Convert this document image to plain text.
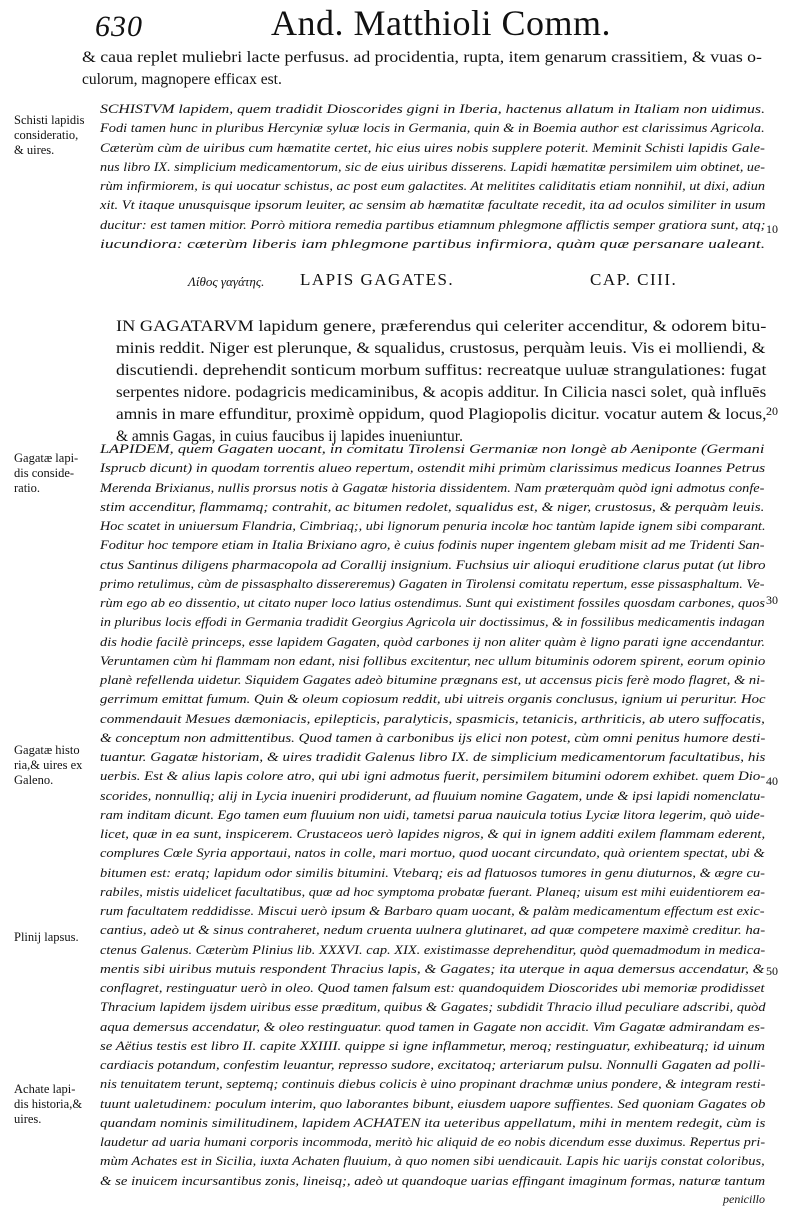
630	And. Matthioli Comm.
& caua replet muliebri lacte perfusus. ad procidentia, rupta, item genarum crassitiem, & vuas o-
culorum, magnopere efficax est.
Schisti lapidis
consideratio,
& uires.
SCHISTVM lapidem, quem tradidit Dioscorides gigni in Iberia, hactenus allatum in Italiam non uidimus.
Fodi tamen hunc in pluribus Hercyniæ syluæ locis in Germania, quin & in Boemia author est clarissimus Agricola.
Cæterùm cùm de uiribus cum hæmatite certet, hic eius uires nobis supplere poterit. Meminit Schisti lapidis Gale-
nus libro IX. simplicium medicamentorum, sic de eius uiribus disserens. Lapidi hæmatitæ persimilem uim obtinet, ue-
rùm infirmiorem, is qui uocatur schistus, ac post eum galactites. At melitites caliditatis etiam nonnihil, ut dixi, adiun
xit. Vt itaque unusquisque ipsorum leuiter, ac sensim ab hæmatitæ facultate recedit, ita ad oculos similiter in usum
ducitur: est tamen mitior. Porrò mitiora remedia partibus etiamnum phlegmone afflictis semper gratiora sunt, atq;
iucundiora: cæterùm liberis iam phlegmone partibus infirmiora, quàm quæ persanare ualeant.
10
Λίθος γαγάτης. LAPIS GAGATES.	CAP. CIII.
IN GAGATARVM lapidum genere, præferendus qui celeriter accenditur, & odorem bitu-
minis reddit. Niger est plerunque, & squalidus, crustosus, perquàm leuis. Vis ei molliendi, &
discutiendi. deprehendit sonticum morbum suffitus: recreatque uuluæ strangulationes: fugat
serpentes nidore. podagricis medicaminibus, & acopis additur. In Cilicia nasci solet, quà influēs
amnis in mare effunditur, proximè oppidum, quod Plagiopolis dicitur. vocatur autem & locus,
& amnis Gagas, in cuius faucibus ij lapides inueniuntur.
20
Gagatæ lapi-
dis conside-
ratio.
Gagatæ histo
ria,& uires ex
Galeno.
Plinij lapsus.
Achate lapi-
dis historia,&
uires.
LAPIDEM, quem Gagaten uocant, in comitatu Tirolensi Germaniæ non longè ab Aeniponte (Germani
Isprucb dicunt) in quodam torrentis alueo repertum, ostendit mihi primùm clarissimus medicus Ioannes Petrus
Merenda Brixianus, nullis prorsus notis à Gagatæ historia dissidentem. Nam præterquàm quòd igni admotus confe-
stim accenditur, flammamq; contrahit, ac bitumen redolet, squalidus est, & niger, crustosus, & perquàm leuis.
Hoc scatet in uniuersum Flandria, Cimbriaq;, ubi lignorum penuria incolæ hoc tantùm lapide ignem sibi comparant.
Foditur hoc tempore etiam in Italia Brixiano agro, è cuius fodinis nuper ingentem glebam misit ad me Tridenti San-
ctus Santinus diligens pharmacopola ad Corallij insignium. Fuchsius uir alioqui eruditione clarus putat (ut libro
primo retulimus, cùm de pissasphalto dissereremus) Gagaten in Tirolensi comitatu repertum, esse pissasphaltum. Ve-
rùm ego ab eo dissentio, ut citato nuper loco latius ostendimus. Sunt qui existiment fossiles quosdam carbones, quos
in pluribus locis effodi in Germania tradidit Georgius Agricola uir doctissimus, & in fossilibus medicamentis indagan
dis hodie facilè princeps, esse lapidem Gagaten, quòd carbones ij non aliter quàm è ligno parati igne accendantur.
Veruntamen cùm hi flammam non edant, nisi follibus excitentur, nec ullum bituminis odorem spirent, eorum opinio
planè refellenda uidetur. Siquidem Gagates adeò bitumine prægnans est, ut accensus picis ferè modo flagret, & ni-
gerrimum emittat fumum. Quin & oleum copiosum reddit, ubi uitreis organis conclusus, ignium ui peruritur. Hoc
commendauit Mesues dæmoniacis, epilepticis, paralyticis, spasmicis, tetanicis, arthriticis, ab utero suffocatis,
& conceptum non admittentibus. Quod tamen à carbonibus ijs elici non potest, cùm omni penitus humore desti-
tuantur. Gagatæ historiam, & uires tradidit Galenus libro IX. de simplicium medicamentorum facultatibus, his
uerbis. Est & alius lapis colore atro, qui ubi igni admotus fuerit, persimilem bitumini odorem exhibet. quem Dio-
scorides, nonnulliq; alij in Lycia inueniri prodiderunt, ad fluuium nomine Gagatem, unde & ipsi lapidi nomenclatu-
ram inditam dicunt. Ego tamen eum fluuium non uidi, tametsi parua nauicula totius Lyciæ litora legerim, quò uide-
licet, quæ in ea sunt, inspicerem. Crustaceos uerò lapides nigros, & qui in ignem additi exilem flammam ederent,
complures Cœle Syria apportaui, natos in colle, mari mortuo, quod uocant circundato, quà orientem spectat, ubi &
bitumen est: eratq; lapidum odor similis bitumini. Vtebarq; eis ad flatuosos tumores in genu diuturnos, & ægre cu-
rabiles, mistis uidelicet facultatibus, quæ ad hoc symptoma probatæ fuerant. Planeq; uisum est mihi euidentiorem ea-
rum facultatem reddidisse. Miscui uerò ipsum & Barbaro quam uocant, & palàm medicamentum effectum est exic-
cantius, adeò ut & sinus contraheret, nedum cruenta uulnera glutinaret, ad quæ competere maximè creditur. ha-
ctenus Galenus. Cæterùm Plinius lib. XXXVI. cap. XIX. existimasse deprehenditur, quòd quemadmodum in medica-
mentis sibi uiribus mutuis respondent Thracius lapis, & Gagates; ita uterque in aqua demersus accendatur, &
conflagret, restinguatur uerò in oleo. Quod tamen falsum est: quandoquidem Dioscorides ubi memoriæ prodidisset
Thracium lapidem ijsdem uiribus esse præditum, quibus & Gagates; subdidit Thracio illud peculiare adscribi, quòd
aqua demersus accendatur, & oleo restinguatur. quod tamen in Gagate non accidit. Vim Gagatæ admirandam es-
se Aëtius testis est libro II. capite XXIIII. quippe si igne inflammetur, meroq; restinguatur, exhibeaturq; id uinum
cardiacis potandum, confestim leuantur, represso sudore, excitatoq; arteriarum pulsu. Nonnulli Gagaten ad polli-
nis tenuitatem terunt, septemq; continuis diebus colicis è uino propinant drachmæ unius pondere, & integram resti-
tuunt ualetudinem: poculum interim, quo laborantes bibunt, eiusdem uapore suffientes. Sed quoniam Gagates ob
quandam nominis similitudinem, lapidem ACHATEN ita ueteribus appellatum, mihi in mentem redegit, cùm is
laudetur ad uaria humani corporis incommoda, meritò hic aliquid de eo nobis dicendum esse duximus. Repertus pri-
mùm Achates est in Sicilia, iuxta Achaten fluuium, à quo nomen sibi uendicauit. Lapis hic uarijs constat coloribus,
& se inuicem incursantibus zonis, lineisq;, adeò ut quandoque uarias effingant imaginum formas, naturæ tantum
penicillo
30
40
50
